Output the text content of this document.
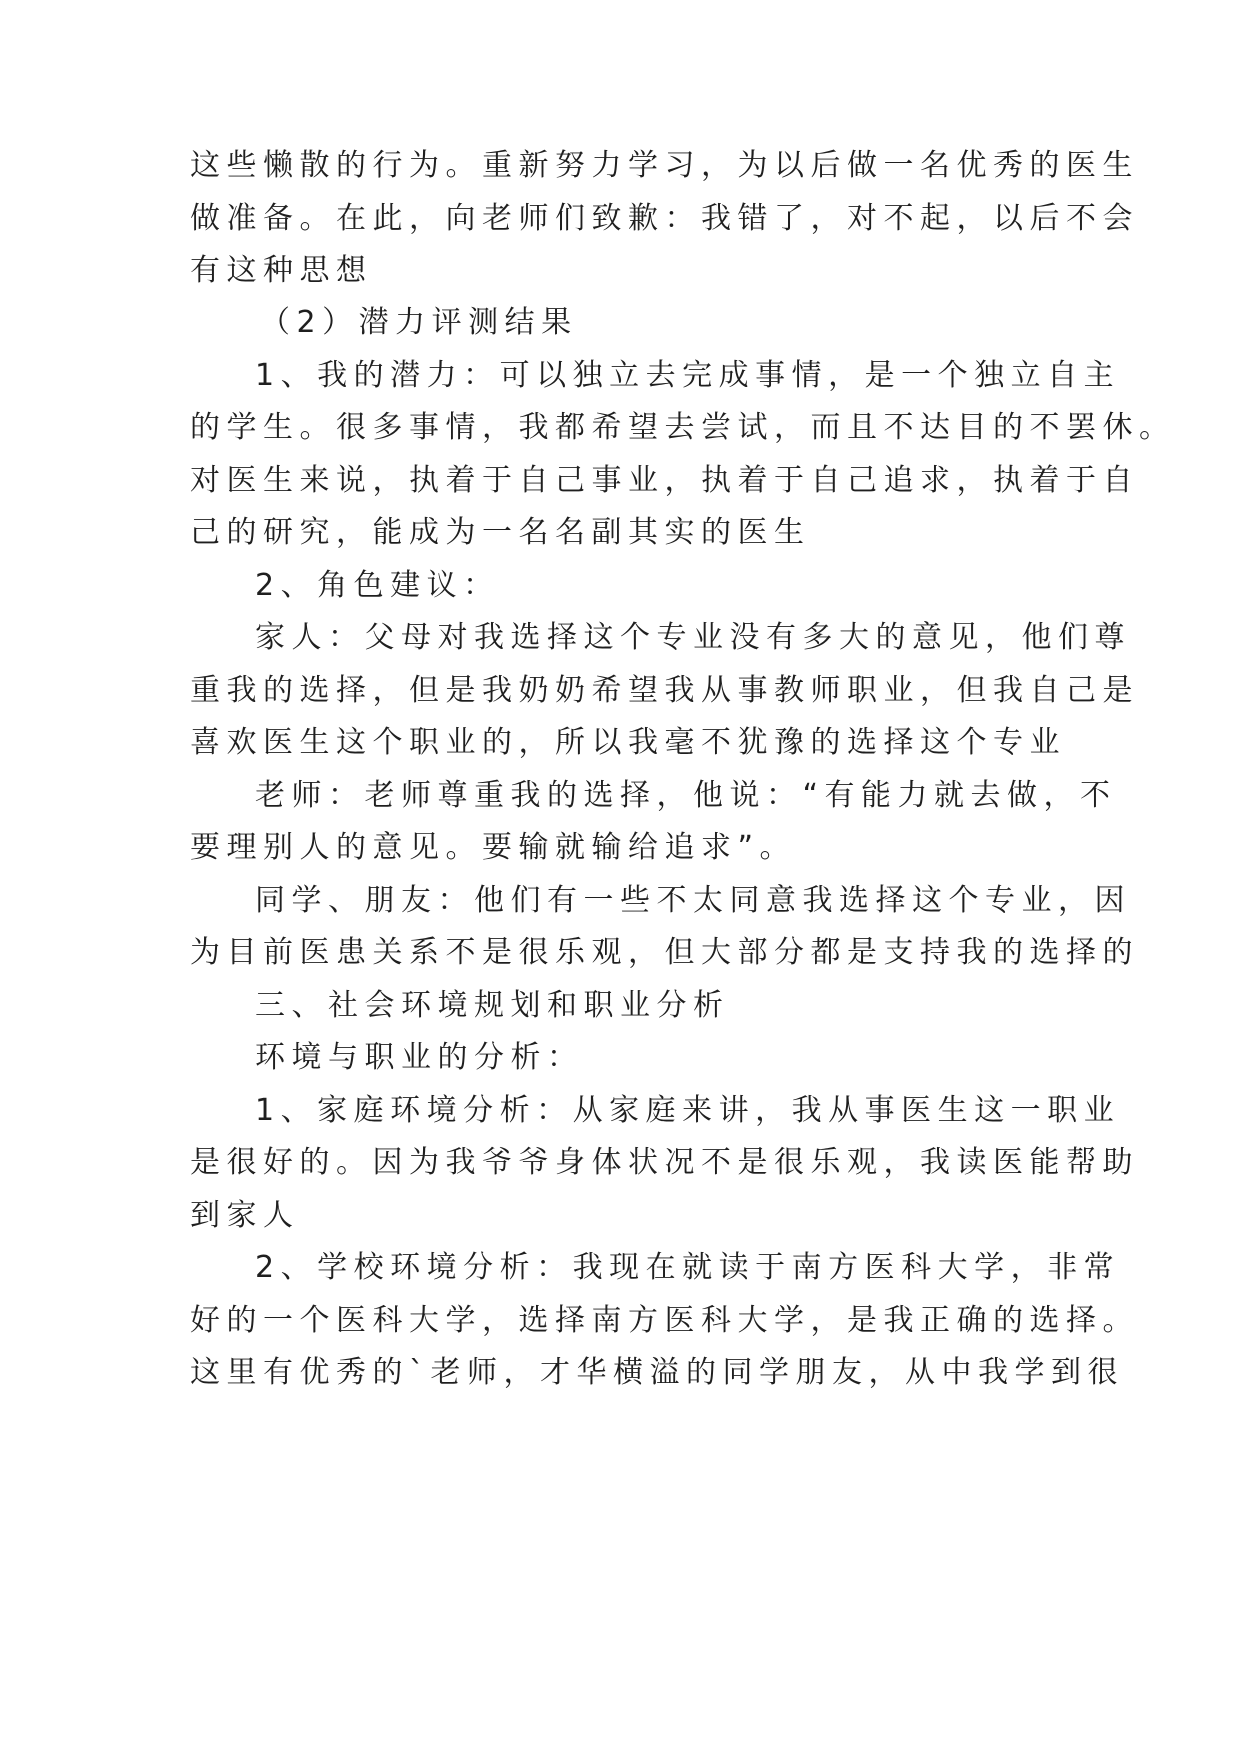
这些懒散的行为。重新努力学习，为以后做一名优秀的医生

做准备。在此，向老师们致歉：我错了，对不起，以后不会

有这种思想

（2）潜力评测结果

1、我的潜力：可以独立去完成事情，是一个独立自主

的学生。很多事情，我都希望去尝试，而且不达目的不罢休。

对医生来说，执着于自己事业，执着于自己追求，执着于自

己的研究，能成为一名名副其实的医生

2、角色建议：

家人：父母对我选择这个专业没有多大的意见，他们尊

重我的选择，但是我奶奶希望我从事教师职业，但我自己是

喜欢医生这个职业的，所以我毫不犹豫的选择这个专业

老师：老师尊重我的选择，他说：“有能力就去做，不

要理别人的意见。要输就输给追求”。

同学、朋友：他们有一些不太同意我选择这个专业，因

为目前医患关系不是很乐观，但大部分都是支持我的选择的

三、社会环境规划和职业分析

环境与职业的分析：

1、家庭环境分析：从家庭来讲，我从事医生这一职业

是很好的。因为我爷爷身体状况不是很乐观，我读医能帮助

到家人

2、学校环境分析：我现在就读于南方医科大学，非常

好的一个医科大学，选择南方医科大学，是我正确的选择。

这里有优秀的`老师，才华横溢的同学朋友，从中我学到很
